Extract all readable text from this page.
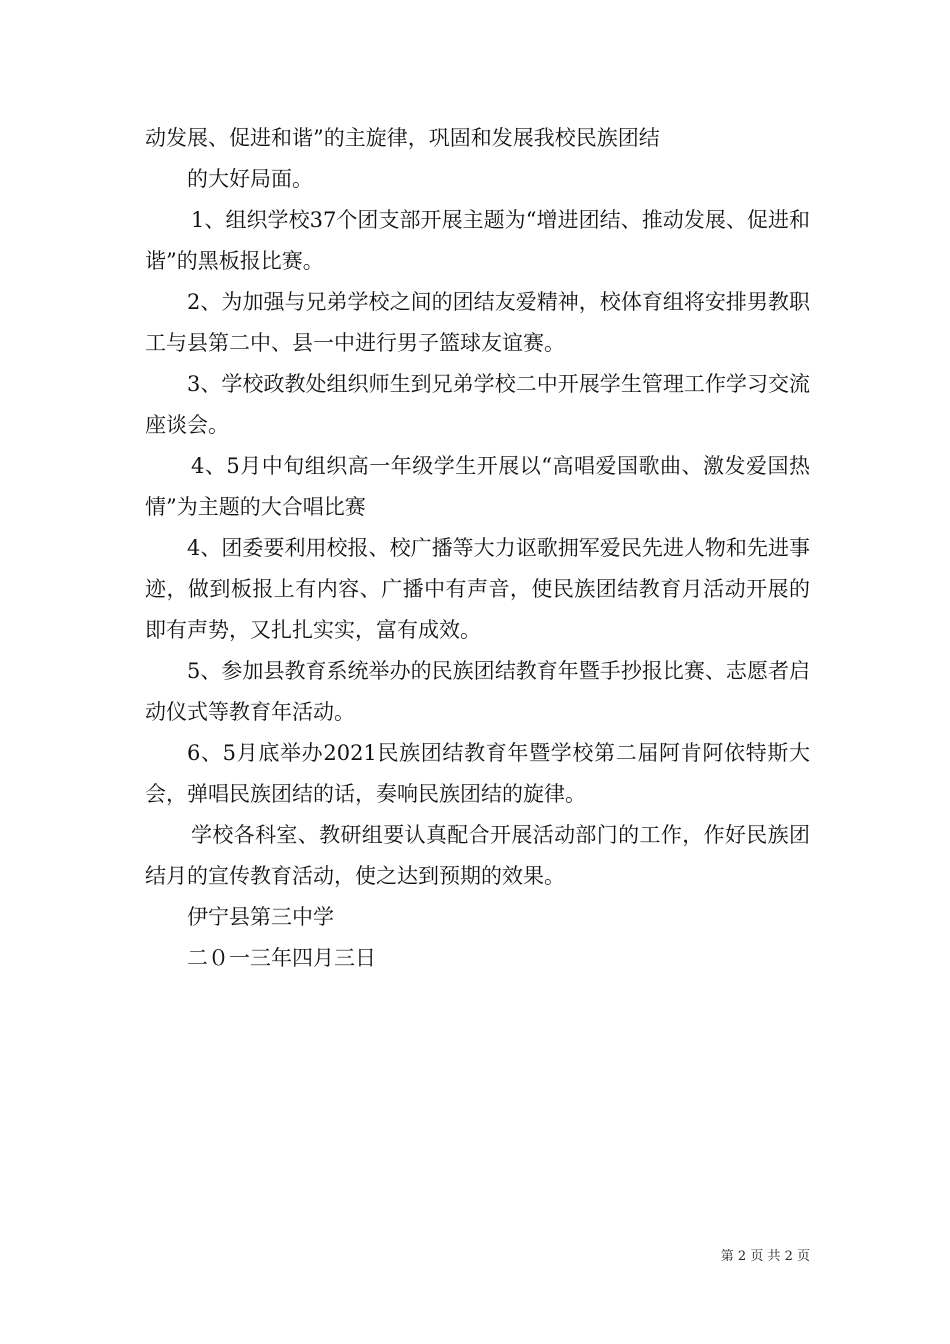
动发展、促进和谐”的主旋律，巩固和发展我校民族团结

的大好局面。

1、组织学校37个团支部开展主题为“增进团结、推动发展、促进和谐”的黑板报比赛。

2、为加强与兄弟学校之间的团结友爱精神，校体育组将安排男教职工与县第二中、县一中进行男子篮球友谊赛。

3、学校政教处组织师生到兄弟学校二中开展学生管理工作学习交流座谈会。

4、5月中旬组织高一年级学生开展以“高唱爱国歌曲、激发爱国热情”为主题的大合唱比赛

4、团委要利用校报、校广播等大力讴歌拥军爱民先进人物和先进事迹，做到板报上有内容、广播中有声音，使民族团结教育月活动开展的即有声势，又扎扎实实，富有成效。

5、参加县教育系统举办的民族团结教育年暨手抄报比赛、志愿者启动仪式等教育年活动。

6、5月底举办2021民族团结教育年暨学校第二届阿肯阿依特斯大会，弹唱民族团结的话，奏响民族团结的旋律。

学校各科室、教研组要认真配合开展活动部门的工作，作好民族团结月的宣传教育活动，使之达到预期的效果。

伊宁县第三中学

二０一三年四月三日

第 2 页 共 2 页
